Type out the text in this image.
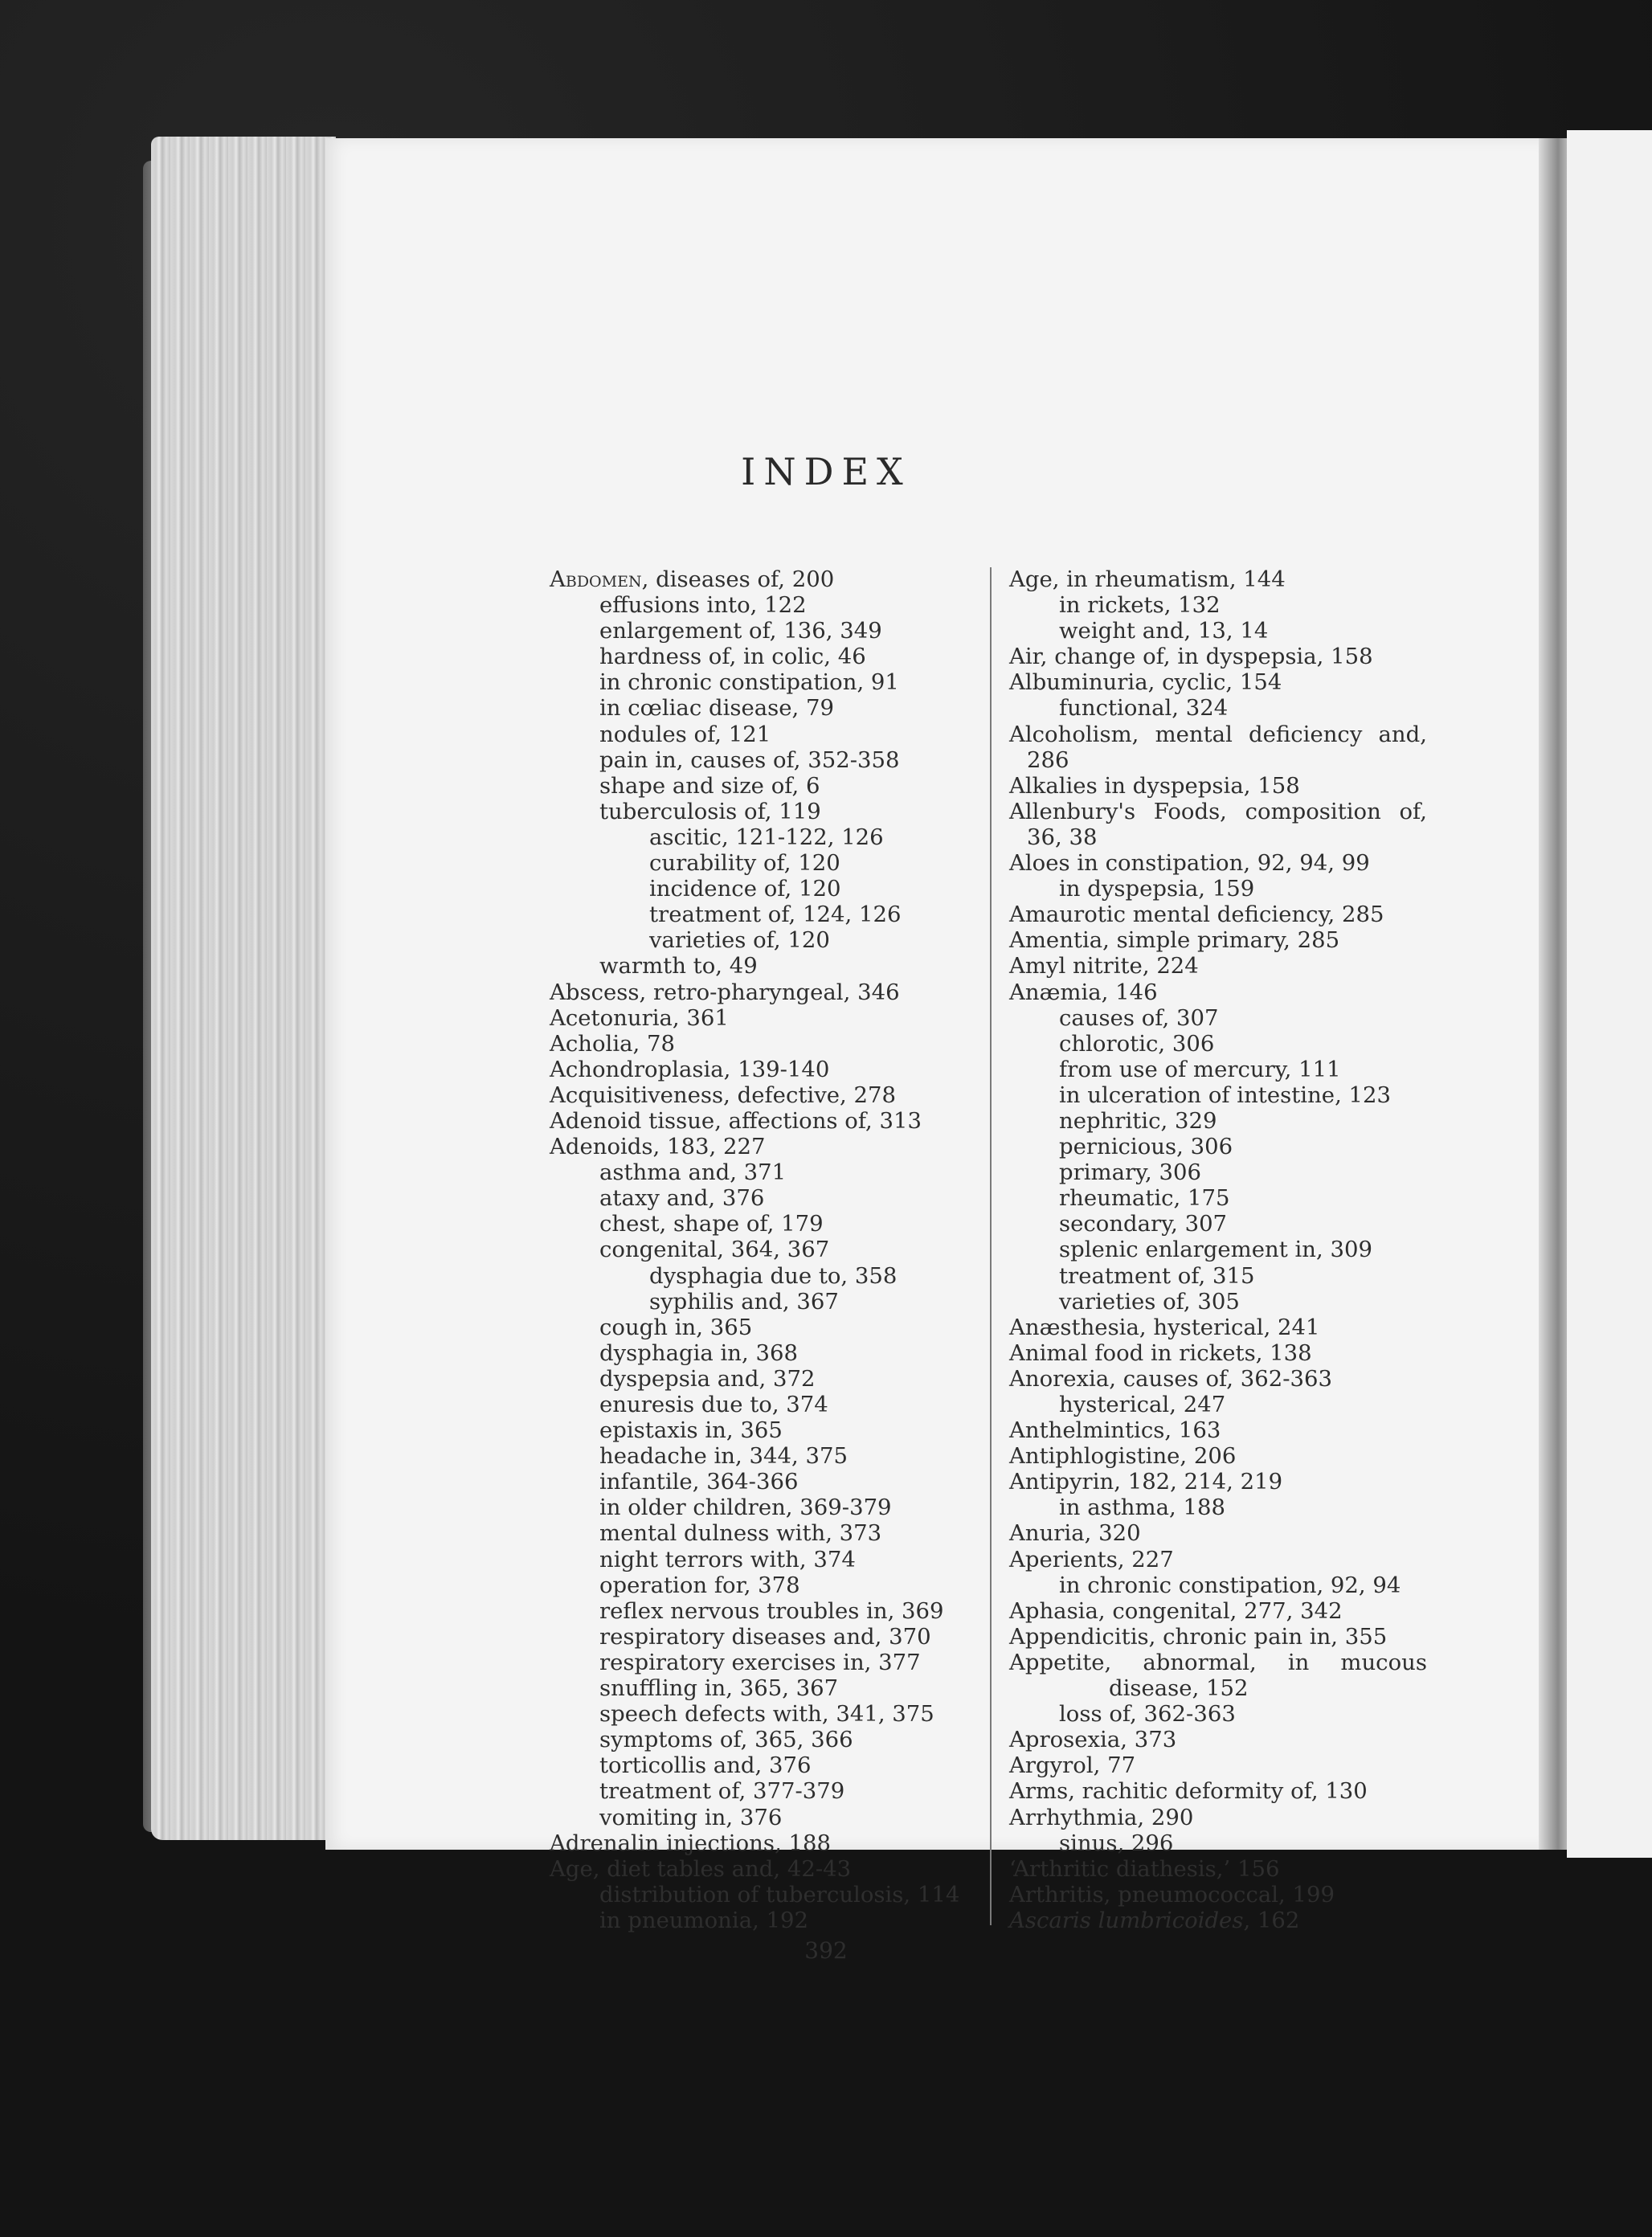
INDEX
Abdomen, diseases of, 200
effusions into, 122
enlargement of, 136, 349
hardness of, in colic, 46
in chronic constipation, 91
in cœliac disease, 79
nodules of, 121
pain in, causes of, 352-358
shape and size of, 6
tuberculosis of, 119
ascitic, 121-122, 126
curability of, 120
incidence of, 120
treatment of, 124, 126
varieties of, 120
warmth to, 49
Abscess, retro-pharyngeal, 346
Acetonuria, 361
Acholia, 78
Achondroplasia, 139-140
Acquisitiveness, defective, 278
Adenoid tissue, affections of, 313
Adenoids, 183, 227
asthma and, 371
ataxy and, 376
chest, shape of, 179
congenital, 364, 367
dysphagia due to, 358
syphilis and, 367
cough in, 365
dysphagia in, 368
dyspepsia and, 372
enuresis due to, 374
epistaxis in, 365
headache in, 344, 375
infantile, 364-366
in older children, 369-379
mental dulness with, 373
night terrors with, 374
operation for, 378
reflex nervous troubles in, 369
respiratory diseases and, 370
respiratory exercises in, 377
snuffling in, 365, 367
speech defects with, 341, 375
symptoms of, 365, 366
torticollis and, 376
treatment of, 377-379
vomiting in, 376
Adrenalin injections, 188
Age, diet tables and, 42-43
distribution of tuberculosis, 114
in pneumonia, 192
Age, in rheumatism, 144
in rickets, 132
weight and, 13, 14
Air, change of, in dyspepsia, 158
Albuminuria, cyclic, 154
functional, 324
Alcoholism, mental deficiency and,
286
Alkalies in dyspepsia, 158
Allenbury's Foods, composition of,
36, 38
Aloes in constipation, 92, 94, 99
in dyspepsia, 159
Amaurotic mental deficiency, 285
Amentia, simple primary, 285
Amyl nitrite, 224
Anæmia, 146
causes of, 307
chlorotic, 306
from use of mercury, 111
in ulceration of intestine, 123
nephritic, 329
pernicious, 306
primary, 306
rheumatic, 175
secondary, 307
splenic enlargement in, 309
treatment of, 315
varieties of, 305
Anæsthesia, hysterical, 241
Animal food in rickets, 138
Anorexia, causes of, 362-363
hysterical, 247
Anthelmintics, 163
Antiphlogistine, 206
Antipyrin, 182, 214, 219
in asthma, 188
Anuria, 320
Aperients, 227
in chronic constipation, 92, 94
Aphasia, congenital, 277, 342
Appendicitis, chronic pain in, 355
Appetite, abnormal, in mucous
disease, 152
loss of, 362-363
Aprosexia, 373
Argyrol, 77
Arms, rachitic deformity of, 130
Arrhythmia, 290
sinus, 296
‘Arthritic diathesis,’ 156
Arthritis, pneumococcal, 199
Ascaris lumbricoides, 162
392
